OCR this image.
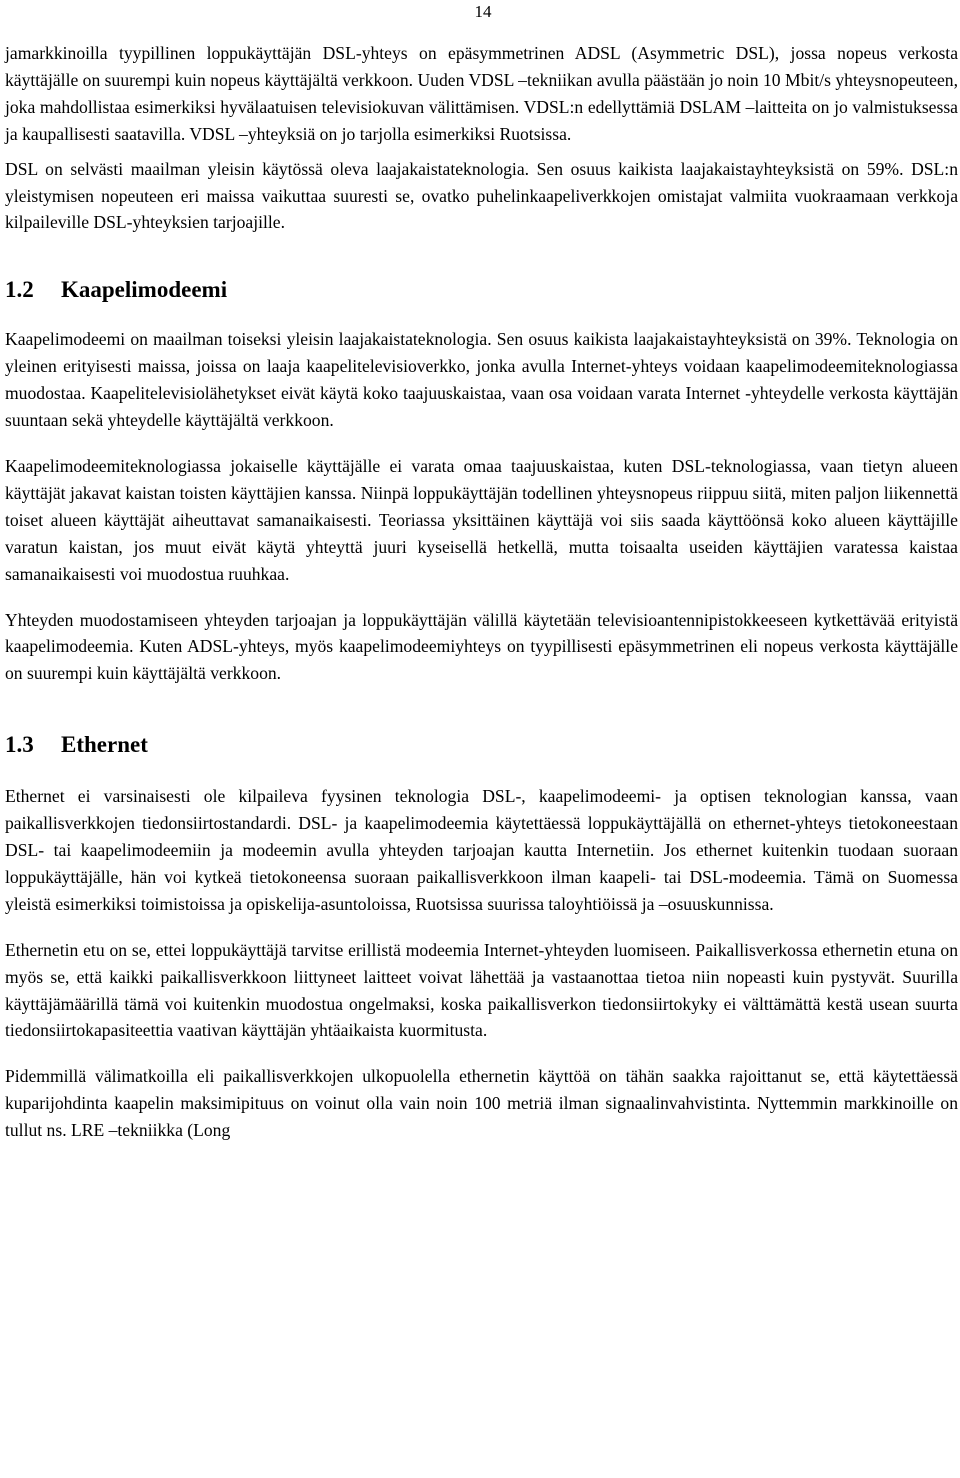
14

jamarkkinoilla tyypillinen loppukäyttäjän DSL-yhteys on epäsymmetrinen ADSL (Asymmetric DSL), jossa nopeus verkosta käyttäjälle on suurempi kuin nopeus käyttäjältä verkkoon. Uuden VDSL –tekniikan avulla päästään jo noin 10 Mbit/s yhteysnopeuteen, joka mahdollistaa esimerkiksi hyvälaatuisen televisiokuvan välittämisen. VDSL:n edellyttämiä DSLAM –laitteita on jo valmistuksessa ja kaupallisesti saatavilla. VDSL –yhteyksiä on jo tarjolla esimerkiksi Ruotsissa.

DSL on selvästi maailman yleisin käytössä oleva laajakaistateknologia. Sen osuus kaikista laajakaistayhteyksistä on 59%. DSL:n yleistymisen nopeuteen eri maissa vaikuttaa suuresti se, ovatko puhelinkaapeliverkkojen omistajat valmiita vuokraamaan verkkoja kilpaileville DSL-yhteyksien tarjoajille.

1.2 Kaapelimodeemi

Kaapelimodeemi on maailman toiseksi yleisin laajakaistateknologia. Sen osuus kaikista laajakaistayhteyksistä on 39%. Teknologia on yleinen erityisesti maissa, joissa on laaja kaapelitelevisioverkko, jonka avulla Internet-yhteys voidaan kaapelimodeemiteknologiassa muodostaa. Kaapelitelevisiolähetykset eivät käytä koko taajuuskaistaa, vaan osa voidaan varata Internet -yhteydelle verkosta käyttäjän suuntaan sekä yhteydelle käyttäjältä verkkoon.

Kaapelimodeemiteknologiassa jokaiselle käyttäjälle ei varata omaa taajuuskaistaa, kuten DSL-teknologiassa, vaan tietyn alueen käyttäjät jakavat kaistan toisten käyttäjien kanssa. Niinpä loppukäyttäjän todellinen yhteysnopeus riippuu siitä, miten paljon liikennettä toiset alueen käyttäjät aiheuttavat samanaikaisesti. Teoriassa yksittäinen käyttäjä voi siis saada käyttöönsä koko alueen käyttäjille varatun kaistan, jos muut eivät käytä yhteyttä juuri kyseisellä hetkellä, mutta toisaalta useiden käyttäjien varatessa kaistaa samanaikaisesti voi muodostua ruuhkaa.

Yhteyden muodostamiseen yhteyden tarjoajan ja loppukäyttäjän välillä käytetään televisioantennipistokkeeseen kytkettävää erityistä kaapelimodeemia. Kuten ADSL-yhteys, myös kaapelimodeemiyhteys on tyypillisesti epäsymmetrinen eli nopeus verkosta käyttäjälle on suurempi kuin käyttäjältä verkkoon.

1.3 Ethernet

Ethernet ei varsinaisesti ole kilpaileva fyysinen teknologia DSL-, kaapelimodeemi- ja optisen teknologian kanssa, vaan paikallisverkkojen tiedonsiirtostandardi. DSL- ja kaapelimodeemia käytettäessä loppukäyttäjällä on ethernet-yhteys tietokoneestaan DSL- tai kaapelimodeemiin ja modeemin avulla yhteyden tarjoajan kautta Internetiin. Jos ethernet kuitenkin tuodaan suoraan loppukäyttäjälle, hän voi kytkeä tietokoneensa suoraan paikallisverkkoon ilman kaapeli- tai DSL-modeemia. Tämä on Suomessa yleistä esimerkiksi toimistoissa ja opiskelija-asuntoloissa, Ruotsissa suurissa taloyhtiöissä ja –osuuskunnissa.

Ethernetin etu on se, ettei loppukäyttäjä tarvitse erillistä modeemia Internet-yhteyden luomiseen. Paikallisverkossa ethernetin etuna on myös se, että kaikki paikallisverkkoon liittyneet laitteet voivat lähettää ja vastaanottaa tietoa niin nopeasti kuin pystyvät. Suurilla käyttäjämäärillä tämä voi kuitenkin muodostua ongelmaksi, koska paikallisverkon tiedonsiirtokyky ei välttämättä kestä usean suurta tiedonsiirtokapasiteettia vaativan käyttäjän yhtäaikaista kuormitusta.

Pidemmillä välimatkoilla eli paikallisverkkojen ulkopuolella ethernetin käyttöä on tähän saakka rajoittanut se, että käytettäessä kuparijohdinta kaapelin maksimipituus on voinut olla vain noin 100 metriä ilman signaalinvahvistinta. Nyttemmin markkinoille on tullut ns. LRE –tekniikka (Long
